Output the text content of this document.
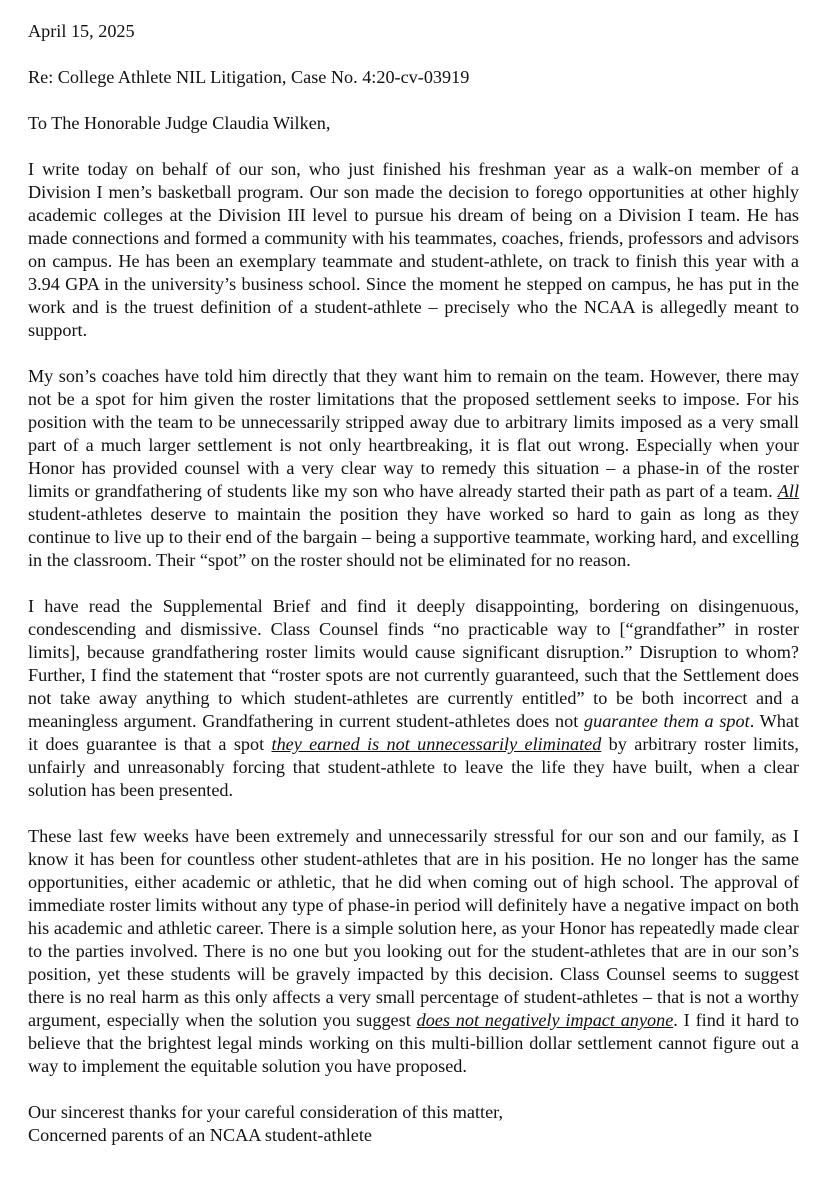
April 15, 2025

Re: College Athlete NIL Litigation, Case No. 4:20-cv-03919

To The Honorable Judge Claudia Wilken,

I write today on behalf of our son, who just finished his freshman year as a walk-on member of a Division I men’s basketball program. Our son made the decision to forego opportunities at other highly academic colleges at the Division III level to pursue his dream of being on a Division I team. He has made connections and formed a community with his teammates, coaches, friends, professors and advisors on campus. He has been an exemplary teammate and student-athlete, on track to finish this year with a 3.94 GPA in the university’s business school. Since the moment he stepped on campus, he has put in the work and is the truest definition of a student-athlete – precisely who the NCAA is allegedly meant to support.

My son’s coaches have told him directly that they want him to remain on the team. However, there may not be a spot for him given the roster limitations that the proposed settlement seeks to impose. For his position with the team to be unnecessarily stripped away due to arbitrary limits imposed as a very small part of a much larger settlement is not only heartbreaking, it is flat out wrong. Especially when your Honor has provided counsel with a very clear way to remedy this situation – a phase-in of the roster limits or grandfathering of students like my son who have already started their path as part of a team. All student-athletes deserve to maintain the position they have worked so hard to gain as long as they continue to live up to their end of the bargain – being a supportive teammate, working hard, and excelling in the classroom. Their “spot” on the roster should not be eliminated for no reason.

I have read the Supplemental Brief and find it deeply disappointing, bordering on disingenuous, condescending and dismissive. Class Counsel finds “no practicable way to [“grandfather” in roster limits], because grandfathering roster limits would cause significant disruption.” Disruption to whom? Further, I find the statement that “roster spots are not currently guaranteed, such that the Settlement does not take away anything to which student-athletes are currently entitled” to be both incorrect and a meaningless argument. Grandfathering in current student-athletes does not guarantee them a spot. What it does guarantee is that a spot they earned is not unnecessarily eliminated by arbitrary roster limits, unfairly and unreasonably forcing that student-athlete to leave the life they have built, when a clear solution has been presented.

These last few weeks have been extremely and unnecessarily stressful for our son and our family, as I know it has been for countless other student-athletes that are in his position. He no longer has the same opportunities, either academic or athletic, that he did when coming out of high school. The approval of immediate roster limits without any type of phase-in period will definitely have a negative impact on both his academic and athletic career. There is a simple solution here, as your Honor has repeatedly made clear to the parties involved. There is no one but you looking out for the student-athletes that are in our son’s position, yet these students will be gravely impacted by this decision. Class Counsel seems to suggest there is no real harm as this only affects a very small percentage of student-athletes – that is not a worthy argument, especially when the solution you suggest does not negatively impact anyone. I find it hard to believe that the brightest legal minds working on this multi-billion dollar settlement cannot figure out a way to implement the equitable solution you have proposed.

Our sincerest thanks for your careful consideration of this matter,

Concerned parents of an NCAA student-athlete
